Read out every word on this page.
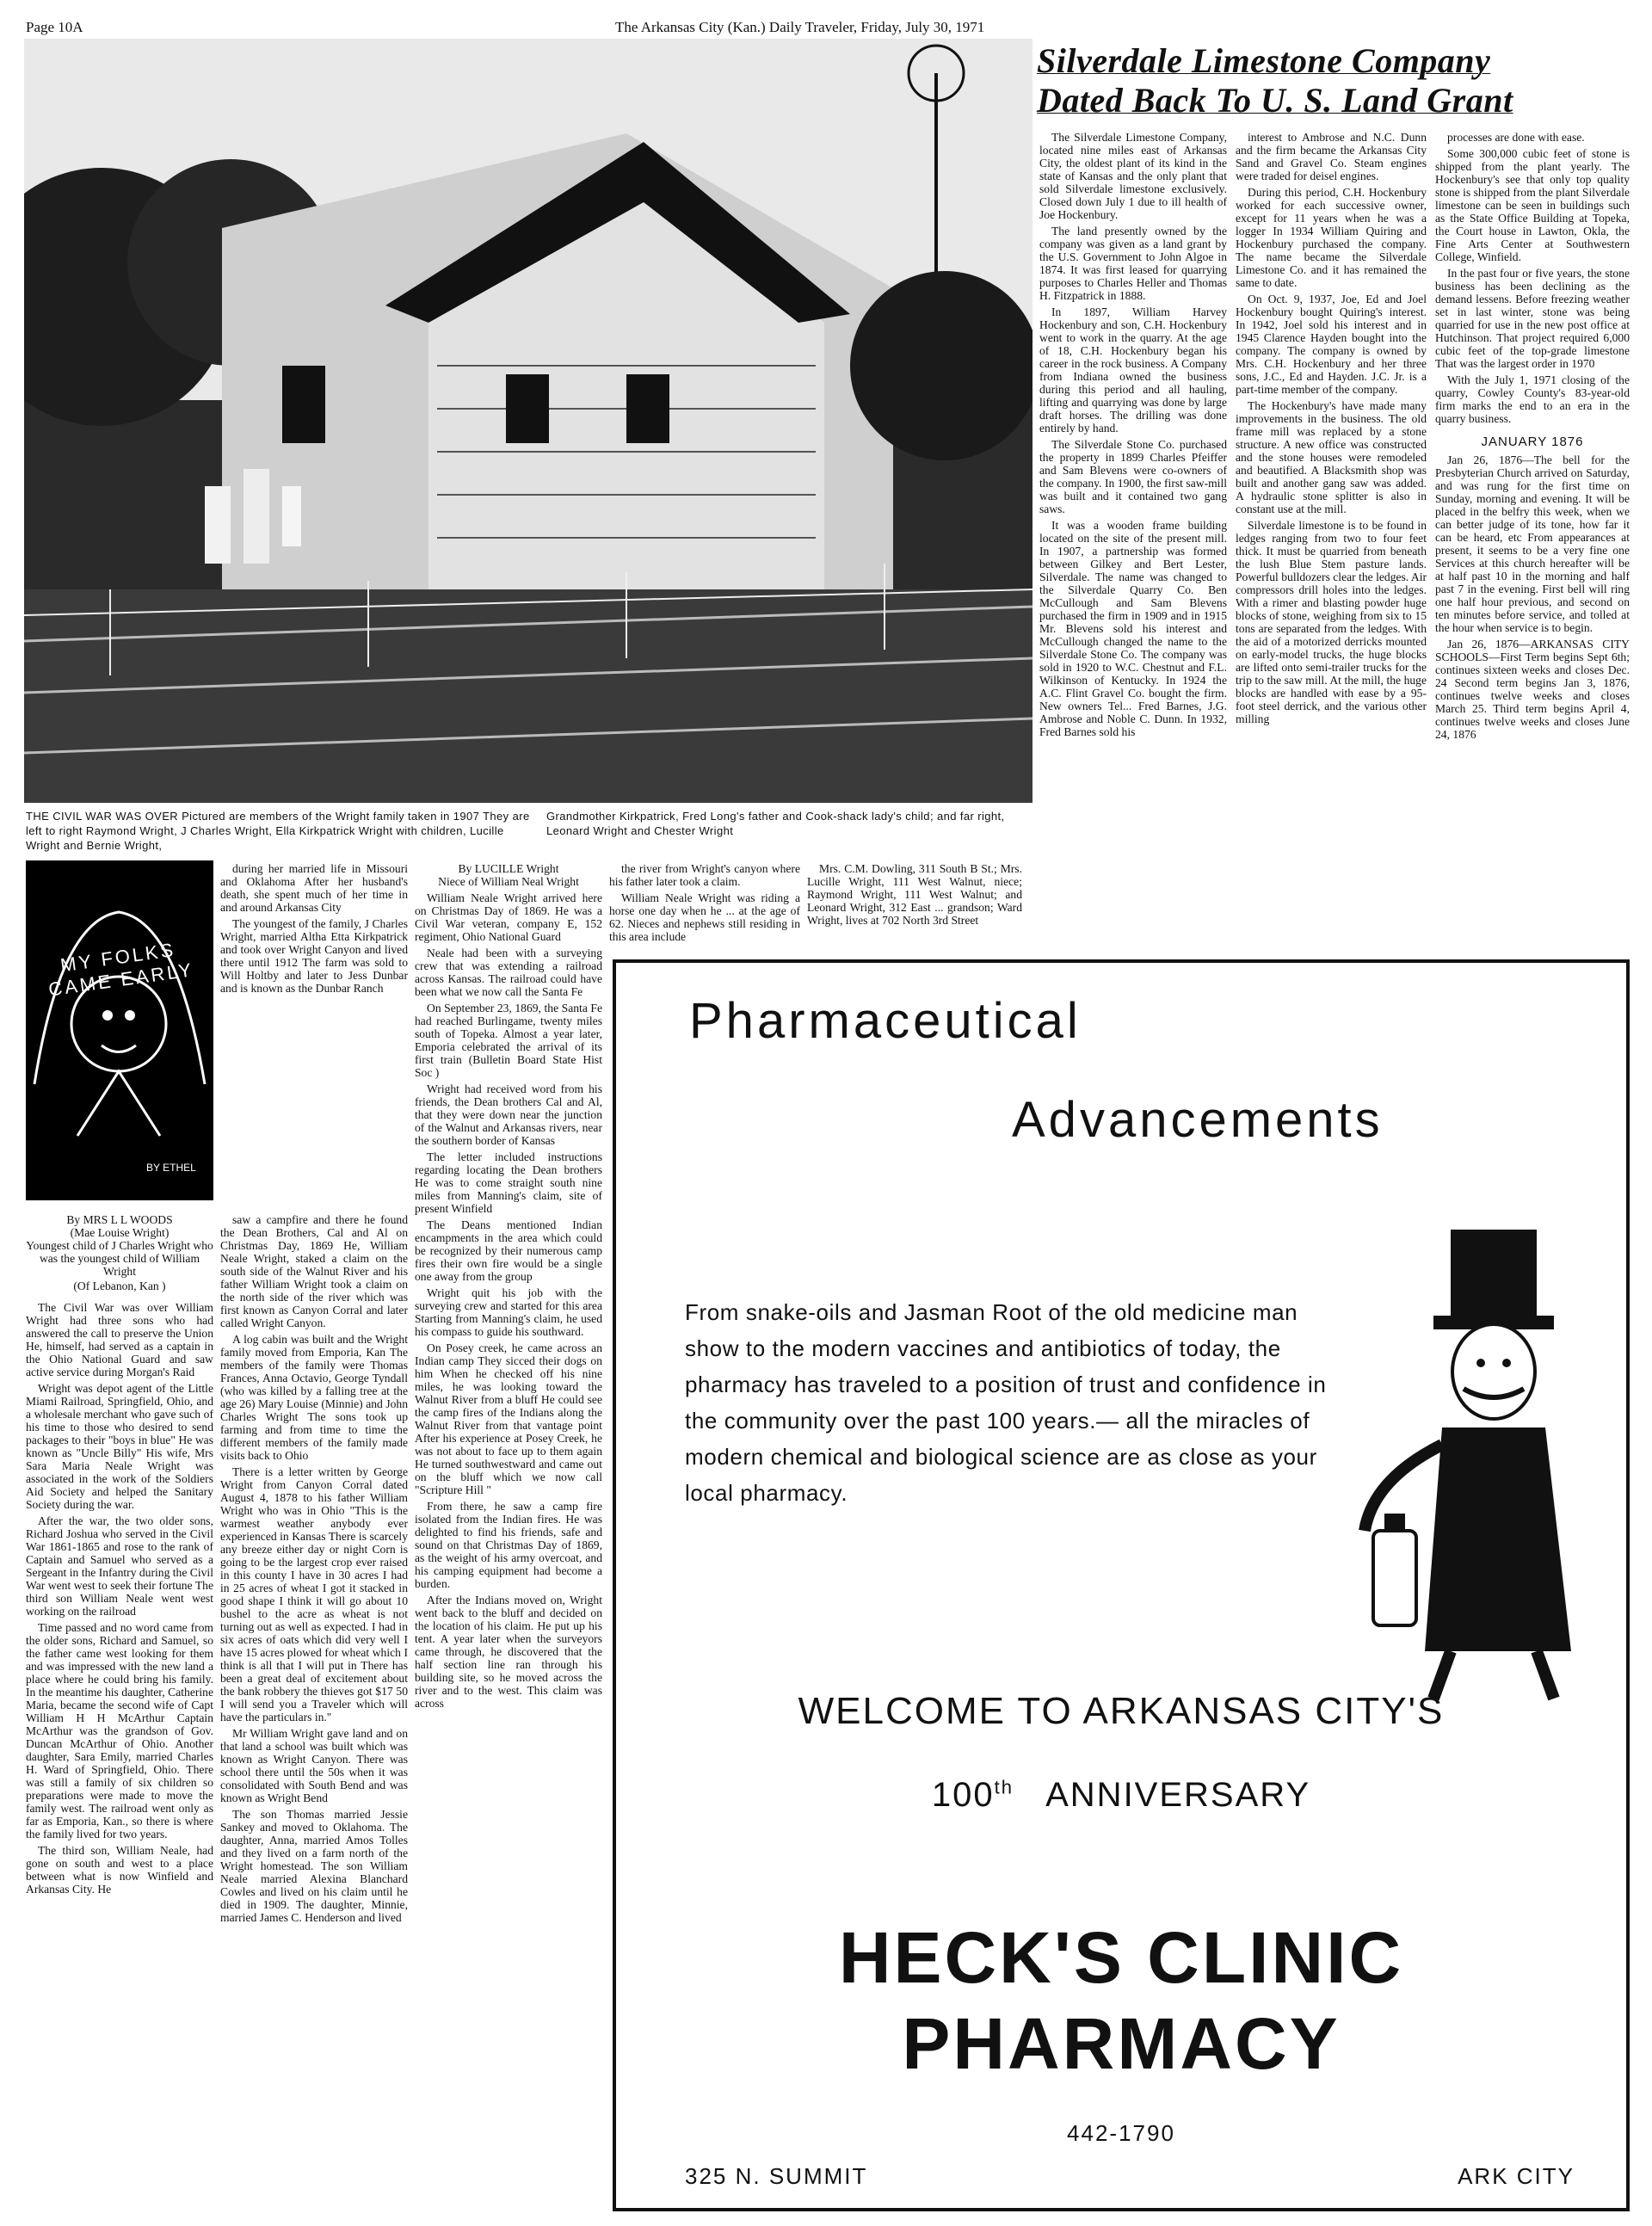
Page 10A	The Arkansas City (Kan.) Daily Traveler, Friday, July 30, 1971
Silverdale Limestone Company
Dated Back To U. S. Land Grant
THE CIVIL WAR WAS OVER Pictured are members of the Wright family taken in 1907 They are left to right Raymond Wright, J Charles Wright, Ella Kirkpatrick Wright with children, Lucille Wright and Bernie Wright,
Grandmother Kirkpatrick, Fred Long's father and Cook-shack lady's child; and far right, Leonard Wright and Chester Wright

The Silverdale Limestone Company, located nine miles east of Arkansas City, the oldest plant of its kind in the state of Kansas and the only plant that sold Silverdale limestone exclusively. Closed down July 1 due to ill health of Joe Hockenbury.

The land presently owned by the company was given as a land grant by the U.S. Government to John Algoe in 1874. It was first leased for quarrying purposes to Charles Heller and Thomas H. Fitzpatrick in 1888.

In 1897, William Harvey Hockenbury and son, C.H. Hockenbury went to work in the quarry. At the age of 18, C.H. Hockenbury began his career in the rock business. A Company from Indiana owned the business during this period and all hauling, lifting and quarrying was done by large draft horses. The drilling was done entirely by hand.

The Silverdale Stone Co. purchased the property in 1899 Charles Pfeiffer and Sam Blevens were co-owners of the company. In 1900, the first saw-mill was built and it contained two gang saws.

It was a wooden frame building located on the site of the present mill. In 1907, a partnership was formed between Gilkey and Bert Lester, Silverdale. The name was changed to the Silverdale Quarry Co. Ben McCullough and Sam Blevens purchased the firm in 1909 and in 1915 Mr. Blevens sold his interest and McCullough changed the name to the Silverdale Stone Co. The company was sold in 1920 to W.C. Chestnut and F.L. Wilkinson of Kentucky. In 1924 the A.C. Flint Gravel Co. bought the firm. New owners Tel... Fred Barnes, J.G. Ambrose and Noble C. Dunn. In 1932, Fred Barnes sold his

interest to Ambrose and N.C. Dunn and the firm became the Arkansas City Sand and Gravel Co. Steam engines were traded for deisel engines.

During this period, C.H. Hockenbury worked for each successive owner, except for 11 years when he was a logger In 1934 William Quiring and Hockenbury purchased the company. The name became the Silverdale Limestone Co. and it has remained the same to date.

On Oct. 9, 1937, Joe, Ed and Joel Hockenbury bought Quiring's interest. In 1942, Joel sold his interest and in 1945 Clarence Hayden bought into the company. The company is owned by Mrs. C.H. Hockenbury and her three sons, J.C., Ed and Hayden. J.C. Jr. is a part-time member of the company.

The Hockenbury's have made many improvements in the business. The old frame mill was replaced by a stone structure. A new office was constructed and the stone houses were remodeled and beautified. A Blacksmith shop was built and another gang saw was added. A hydraulic stone splitter is also in constant use at the mill.

Silverdale limestone is to be found in ledges ranging from two to four feet thick. It must be quarried from beneath the lush Blue Stem pasture lands. Powerful bulldozers clear the ledges. Air compressors drill holes into the ledges. With a rimer and blasting powder huge blocks of stone, weighing from six to 15 tons are separated from the ledges. With the aid of a motorized derricks mounted on early-model trucks, the huge blocks are lifted onto semi-trailer trucks for the trip to the saw mill. At the mill, the huge blocks are handled with ease by a 95-foot steel derrick, and the various other milling

processes are done with ease.

Some 300,000 cubic feet of stone is shipped from the plant yearly. The Hockenbury's see that only top quality stone is shipped from the plant Silverdale limestone can be seen in buildings such as the State Office Building at Topeka, the Court house in Lawton, Okla, the Fine Arts Center at Southwestern College, Winfield.

In the past four or five years, the stone business has been declining as the demand lessens. Before freezing weather set in last winter, stone was being quarried for use in the new post office at Hutchinson. That project required 6,000 cubic feet of the top-grade limestone That was the largest order in 1970

With the July 1, 1971 closing of the quarry, Cowley County's 83-year-old firm marks the end to an era in the quarry business.

JANUARY 1876

Jan 26, 1876—The bell for the Presbyterian Church arrived on Saturday, and was rung for the first time on Sunday, morning and evening. It will be placed in the belfry this week, when we can better judge of its tone, how far it can be heard, etc From appearances at present, it seems to be a very fine one Services at this church hereafter will be at half past 10 in the morning and half past 7 in the evening. First bell will ring one half hour previous, and second on ten minutes before service, and tolled at the hour when service is to begin.

Jan 26, 1876—ARKANSAS CITY SCHOOLS—First Term begins Sept 6th; continues sixteen weeks and closes Dec. 24 Second term begins Jan 3, 1876, continues twelve weeks and closes March 25. Third term begins April 4, continues twelve weeks and closes June 24, 1876

MY FOLKS CAME EARLY
BY ETHEL
By MRS L L WOODS
(Mae Louise Wright)
Youngest child of J Charles Wright who was the youngest child of William Wright
(Of Lebanon, Kan )

The Civil War was over William Wright had three sons who had answered the call to preserve the Union He, himself, had served as a captain in the Ohio National Guard and saw active service during Morgan's Raid

Wright was depot agent of the Little Miami Railroad, Springfield, Ohio, and a wholesale merchant who gave such of his time to those who desired to send packages to their "boys in blue" He was known as "Uncle Billy" His wife, Mrs Sara Maria Neale Wright was associated in the work of the Soldiers Aid Society and helped the Sanitary Society during the war.

After the war, the two older sons, Richard Joshua who served in the Civil War 1861-1865 and rose to the rank of Captain and Samuel who served as a Sergeant in the Infantry during the Civil War went west to seek their fortune The third son William Neale went west working on the railroad

Time passed and no word came from the older sons, Richard and Samuel, so the father came west looking for them and was impressed with the new land a place where he could bring his family. In the meantime his daughter, Catherine Maria, became the second wife of Capt William H H McArthur Captain McArthur was the grandson of Gov. Duncan McArthur of Ohio. Another daughter, Sara Emily, married Charles H. Ward of Springfield, Ohio. There was still a family of six children so preparations were made to move the family west. The railroad went only as far as Emporia, Kan., so there is where the family lived for two years.

The third son, William Neale, had gone on south and west to a place between what is now Winfield and Arkansas City. He

saw a campfire and there he found the Dean Brothers, Cal and Al on Christmas Day, 1869 He, William Neale Wright, staked a claim on the south side of the Walnut River and his father William Wright took a claim on the north side of the river which was first known as Canyon Corral and later called Wright Canyon.

A log cabin was built and the Wright family moved from Emporia, Kan The members of the family were Thomas Frances, Anna Octavio, George Tyndall (who was killed by a falling tree at the age 26) Mary Louise (Minnie) and John Charles Wright The sons took up farming and from time to time the different members of the family made visits back to Ohio

There is a letter written by George Wright from Canyon Corral dated August 4, 1878 to his father William Wright who was in Ohio "This is the warmest weather anybody ever experienced in Kansas There is scarcely any breeze either day or night Corn is going to be the largest crop ever raised in this county I have in 30 acres I had in 25 acres of wheat I got it stacked in good shape I think it will go about 10 bushel to the acre as wheat is not turning out as well as expected. I had in six acres of oats which did very well I have 15 acres plowed for wheat which I think is all that I will put in There has been a great deal of excitement about the bank robbery the thieves got $17 50 I will send you a Traveler which will have the particulars in."

Mr William Wright gave land and on that land a school was built which was known as Wright Canyon. There was school there until the 50s when it was consolidated with South Bend and was known as Wright Bend

The son Thomas married Jessie Sankey and moved to Oklahoma. The daughter, Anna, married Amos Tolles and they lived on a farm north of the Wright homestead. The son William Neale married Alexina Blanchard Cowles and lived on his claim until he died in 1909. The daughter, Minnie, married James C. Henderson and lived

during her married life in Missouri and Oklahoma After her husband's death, she spent much of her time in and around Arkansas City

The youngest of the family, J Charles Wright, married Altha Etta Kirkpatrick and took over Wright Canyon and lived there until 1912 The farm was sold to Will Holtby and later to Jess Dunbar and is known as the Dunbar Ranch

By LUCILLE Wright
Niece of William Neal Wright

William Neale Wright arrived here on Christmas Day of 1869. He was a Civil War veteran, company E, 152 regiment, Ohio National Guard

Neale had been with a surveying crew that was extending a railroad across Kansas. The railroad could have been what we now call the Santa Fe

On September 23, 1869, the Santa Fe had reached Burlingame, twenty miles south of Topeka. Almost a year later, Emporia celebrated the arrival of its first train (Bulletin Board State Hist Soc )

Wright had received word from his friends, the Dean brothers Cal and Al, that they were down near the junction of the Walnut and Arkansas rivers, near the southern border of Kansas

The letter included instructions regarding locating the Dean brothers He was to come straight south nine miles from Manning's claim, site of present Winfield

The Deans mentioned Indian encampments in the area which could be recognized by their numerous camp fires their own fire would be a single one away from the group

Wright quit his job with the surveying crew and started for this area Starting from Manning's claim, he used his compass to guide his southward.

On Posey creek, he came across an Indian camp They sicced their dogs on him When he checked off his nine miles, he was looking toward the Walnut River from a bluff He could see the camp fires of the Indians along the Walnut River from that vantage point After his experience at Posey Creek, he was not about to face up to them again He turned southwestward and came out on the bluff which we now call "Scripture Hill "

From there, he saw a camp fire isolated from the Indian fires. He was delighted to find his friends, safe and sound on that Christmas Day of 1869, as the weight of his army overcoat, and his camping equipment had become a burden.

After the Indians moved on, Wright went back to the bluff and decided on the location of his claim. He put up his tent. A year later when the surveyors came through, he discovered that the half section line ran through his building site, so he moved across the river and to the west. This claim was across

the river from Wright's canyon where his father later took a claim.

William Neale Wright was riding a horse one day when he ... at the age of 62. Nieces and nephews still residing in this area include

Mrs. C.M. Dowling, 311 South B St.; Mrs. Lucille Wright, 111 West Walnut, niece; Raymond Wright, 111 West Walnut; and Leonard Wright, 312 East ... grandson; Ward Wright, lives at 702 North 3rd Street

Pharmaceutical
Advancements
From snake-oils and Jasman Root of the old medicine man show to the modern vaccines and antibiotics of today, the pharmacy has traveled to a position of trust and confidence in the community over the past 100 years.— all the miracles of modern chemical and biological science are as close as your local pharmacy.
WELCOME TO ARKANSAS CITY'S
100th ANNIVERSARY
HECK'S CLINIC
PHARMACY
442-1790
325 N. SUMMIT	ARK CITY
